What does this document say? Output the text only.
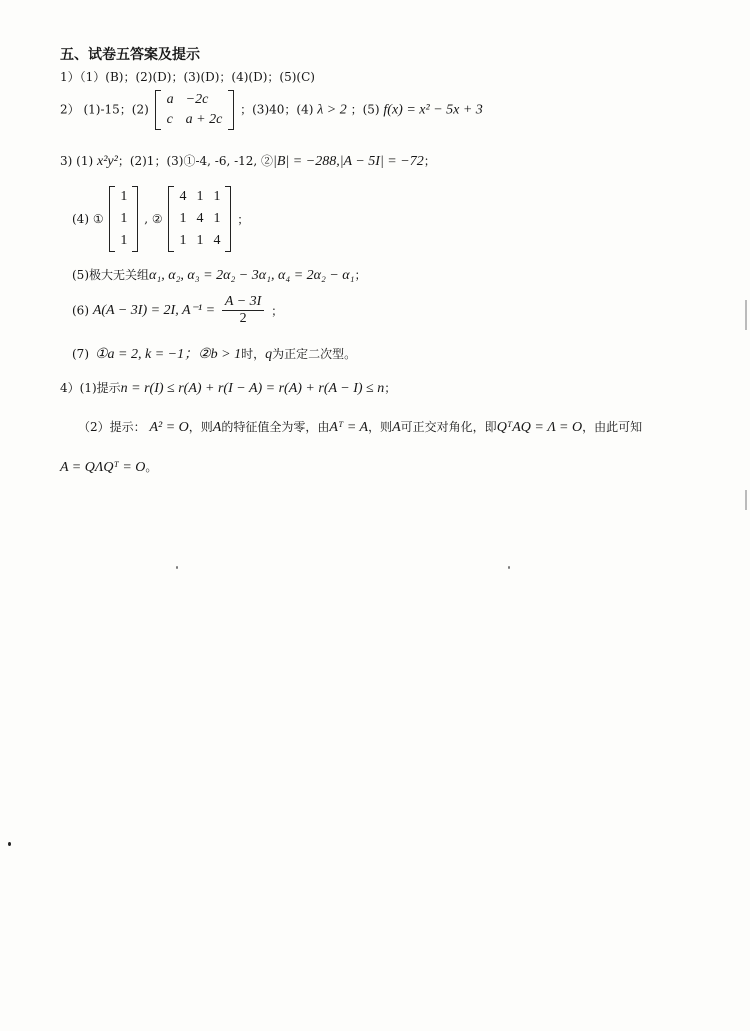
五、试卷五答案及提示
1）（1）(B)；(2)(D)；(3)(D)；(4)(D)；(5)(C)
2） (1)-15；(2)
a	−2c
c	a + 2c
；(3)40；(4) λ > 2 ；(5) f(x) = x² − 5x + 3
3) (1) x²y²；(2)1；(3)①-4, -6, -12, ②|B| = −288,|A − 5I| = −72；
(4) ①
1
1
1
, ②
4	1	1
1	4	1
1	1	4
；
(5)极大无关组α₁, α₂, α₃ = 2α₂ − 3α₁, α₄ = 2α₂ − α₁；
(6) A(A − 3I) = 2I, $A^{-1} = \frac{A - 3I}{2}$ ；
(7) ①a = 2, k = −1；②b > 1时，q为正定二次型。
4）(1)提示n = r(I) ≤ r(A) + r(I − A) = r(A) + r(A − I) ≤ n；
（2）提示： A² = O，则A的特征值全为零，由Aᵀ = A，则A可正交对角化，即QᵀAQ = Λ = O，由此可知
A = QΛQᵀ = O。
